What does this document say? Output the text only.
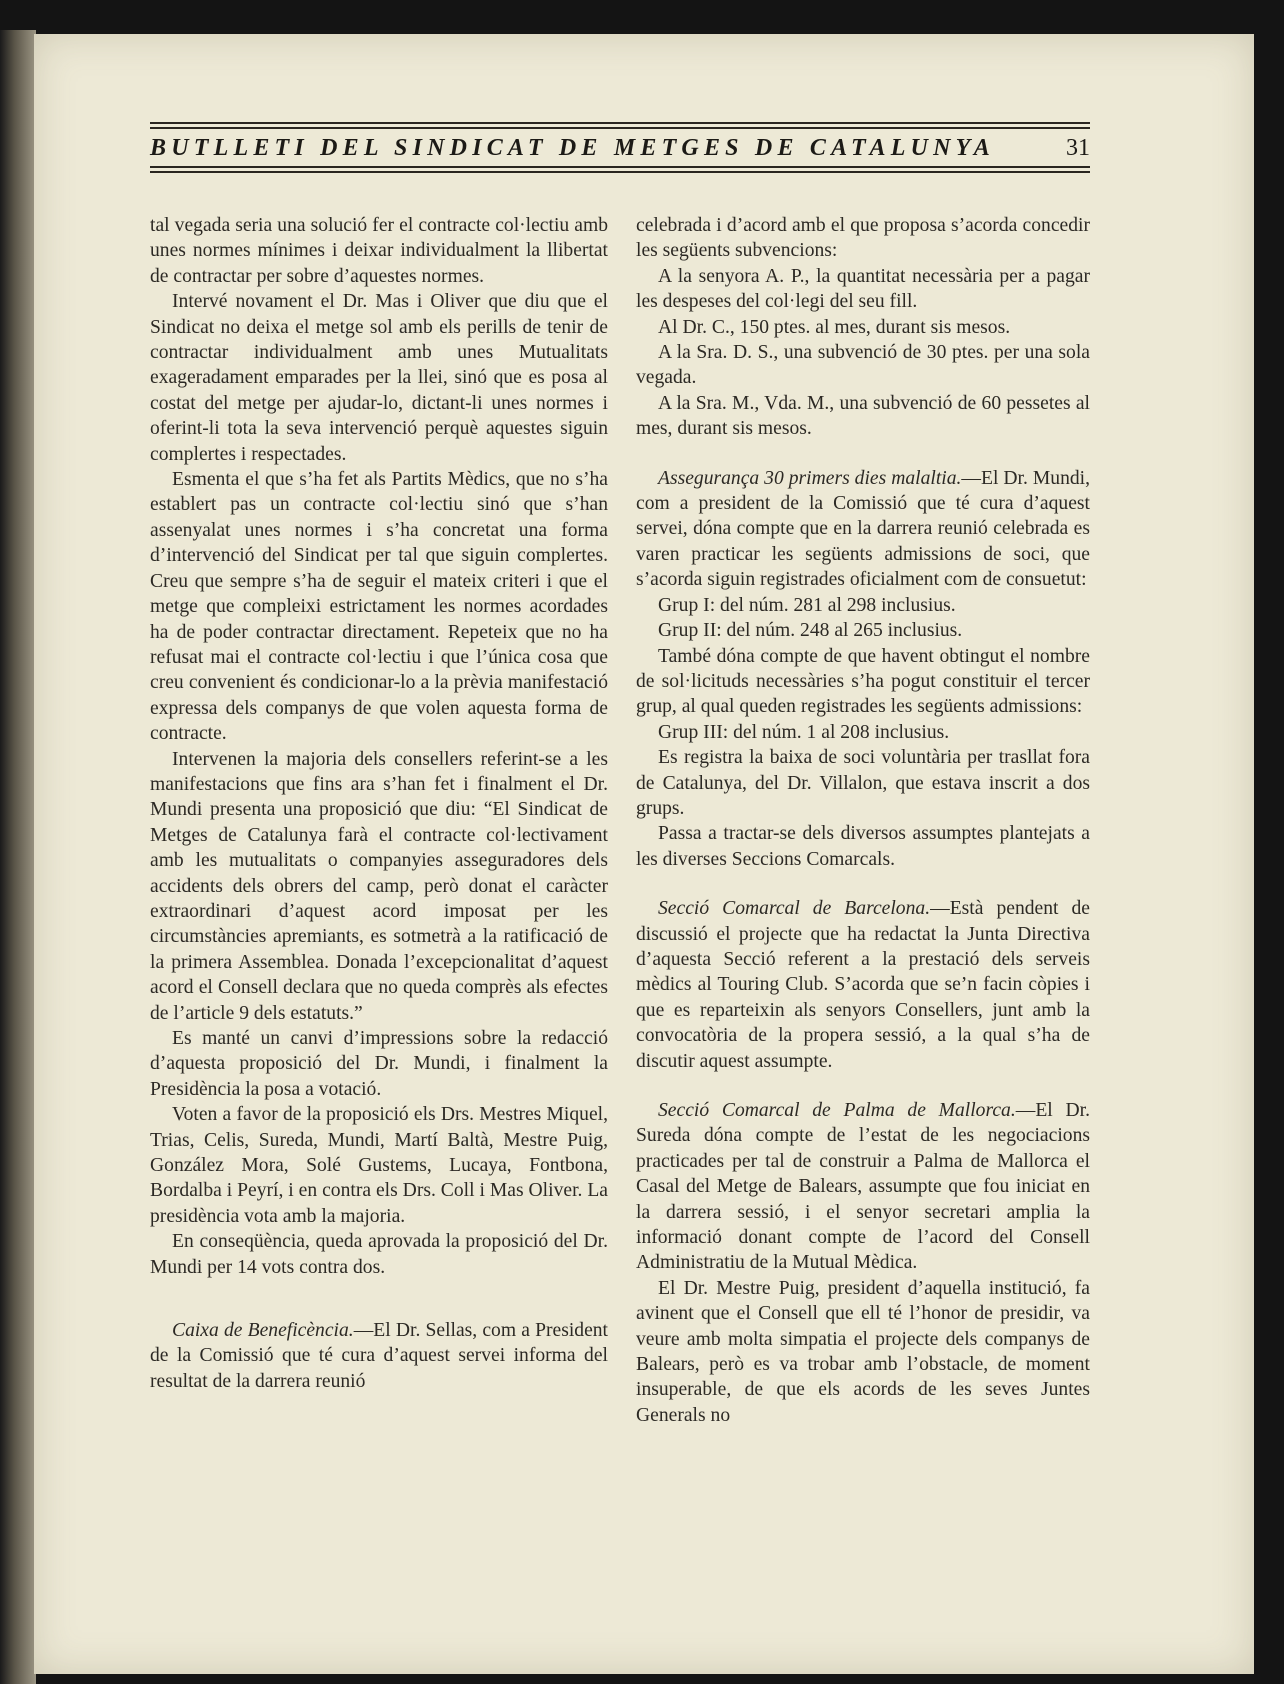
BUTLLETI DEL SINDICAT DE METGES DE CATALUNYA	31

tal vegada seria una solució fer el contracte col·lectiu amb unes normes mínimes i deixar individualment la llibertat de contractar per sobre d’aquestes normes.

Intervé novament el Dr. Mas i Oliver que diu que el Sindicat no deixa el metge sol amb els perills de tenir de contractar individualment amb unes Mutualitats exageradament emparades per la llei, sinó que es posa al costat del metge per ajudar-lo, dictant-li unes normes i oferint-li tota la seva intervenció perquè aquestes siguin complertes i respectades.

Esmenta el que s’ha fet als Partits Mèdics, que no s’ha establert pas un contracte col·lectiu sinó que s’han assenyalat unes normes i s’ha concretat una forma d’intervenció del Sindicat per tal que siguin complertes. Creu que sempre s’ha de seguir el mateix criteri i que el metge que compleixi estrictament les normes acordades ha de poder contractar directament. Repeteix que no ha refusat mai el contracte col·lectiu i que l’única cosa que creu convenient és condicionar-lo a la prèvia manifestació expressa dels companys de que volen aquesta forma de contracte.

Intervenen la majoria dels consellers referint-se a les manifestacions que fins ara s’han fet i finalment el Dr. Mundi presenta una proposició que diu: “El Sindicat de Metges de Catalunya farà el contracte col·lectivament amb les mutualitats o companyies asseguradores dels accidents dels obrers del camp, però donat el caràcter extraordinari d’aquest acord imposat per les circumstàncies apremiants, es sotmetrà a la ratificació de la primera Assemblea. Donada l’excepcionalitat d’aquest acord el Consell declara que no queda comprès als efectes de l’article 9 dels estatuts.”

Es manté un canvi d’impressions sobre la redacció d’aquesta proposició del Dr. Mundi, i finalment la Presidència la posa a votació.

Voten a favor de la proposició els Drs. Mestres Miquel, Trias, Celis, Sureda, Mundi, Martí Baltà, Mestre Puig, González Mora, Solé Gustems, Lucaya, Fontbona, Bordalba i Peyrí, i en contra els Drs. Coll i Mas Oliver. La presidència vota amb la majoria.

En conseqüència, queda aprovada la proposició del Dr. Mundi per 14 vots contra dos.

Caixa de Beneficència.—El Dr. Sellas, com a President de la Comissió que té cura d’aquest servei informa del resultat de la darrera reunió

celebrada i d’acord amb el que proposa s’acorda concedir les següents subvencions:

A la senyora A. P., la quantitat necessària per a pagar les despeses del col·legi del seu fill.

Al Dr. C., 150 ptes. al mes, durant sis mesos.

A la Sra. D. S., una subvenció de 30 ptes. per una sola vegada.

A la Sra. M., Vda. M., una subvenció de 60 pessetes al mes, durant sis mesos.

Assegurança 30 primers dies malaltia.—El Dr. Mundi, com a president de la Comissió que té cura d’aquest servei, dóna compte que en la darrera reunió celebrada es varen practicar les següents admissions de soci, que s’acorda siguin registrades oficialment com de consuetut:

Grup I: del núm. 281 al 298 inclusius.

Grup II: del núm. 248 al 265 inclusius.

També dóna compte de que havent obtingut el nombre de sol·licituds necessàries s’ha pogut constituir el tercer grup, al qual queden registrades les següents admissions:

Grup III: del núm. 1 al 208 inclusius.

Es registra la baixa de soci voluntària per trasllat fora de Catalunya, del Dr. Villalon, que estava inscrit a dos grups.

Passa a tractar-se dels diversos assumptes plantejats a les diverses Seccions Comarcals.

Secció Comarcal de Barcelona.—Està pendent de discussió el projecte que ha redactat la Junta Directiva d’aquesta Secció referent a la prestació dels serveis mèdics al Touring Club. S’acorda que se’n facin còpies i que es reparteixin als senyors Consellers, junt amb la convocatòria de la propera sessió, a la qual s’ha de discutir aquest assumpte.

Secció Comarcal de Palma de Mallorca.—El Dr. Sureda dóna compte de l’estat de les negociacions practicades per tal de construir a Palma de Mallorca el Casal del Metge de Balears, assumpte que fou iniciat en la darrera sessió, i el senyor secretari amplia la informació donant compte de l’acord del Consell Administratiu de la Mutual Mèdica.

El Dr. Mestre Puig, president d’aquella institució, fa avinent que el Consell que ell té l’honor de presidir, va veure amb molta simpatia el projecte dels companys de Balears, però es va trobar amb l’obstacle, de moment insuperable, de que els acords de les seves Juntes Generals no
